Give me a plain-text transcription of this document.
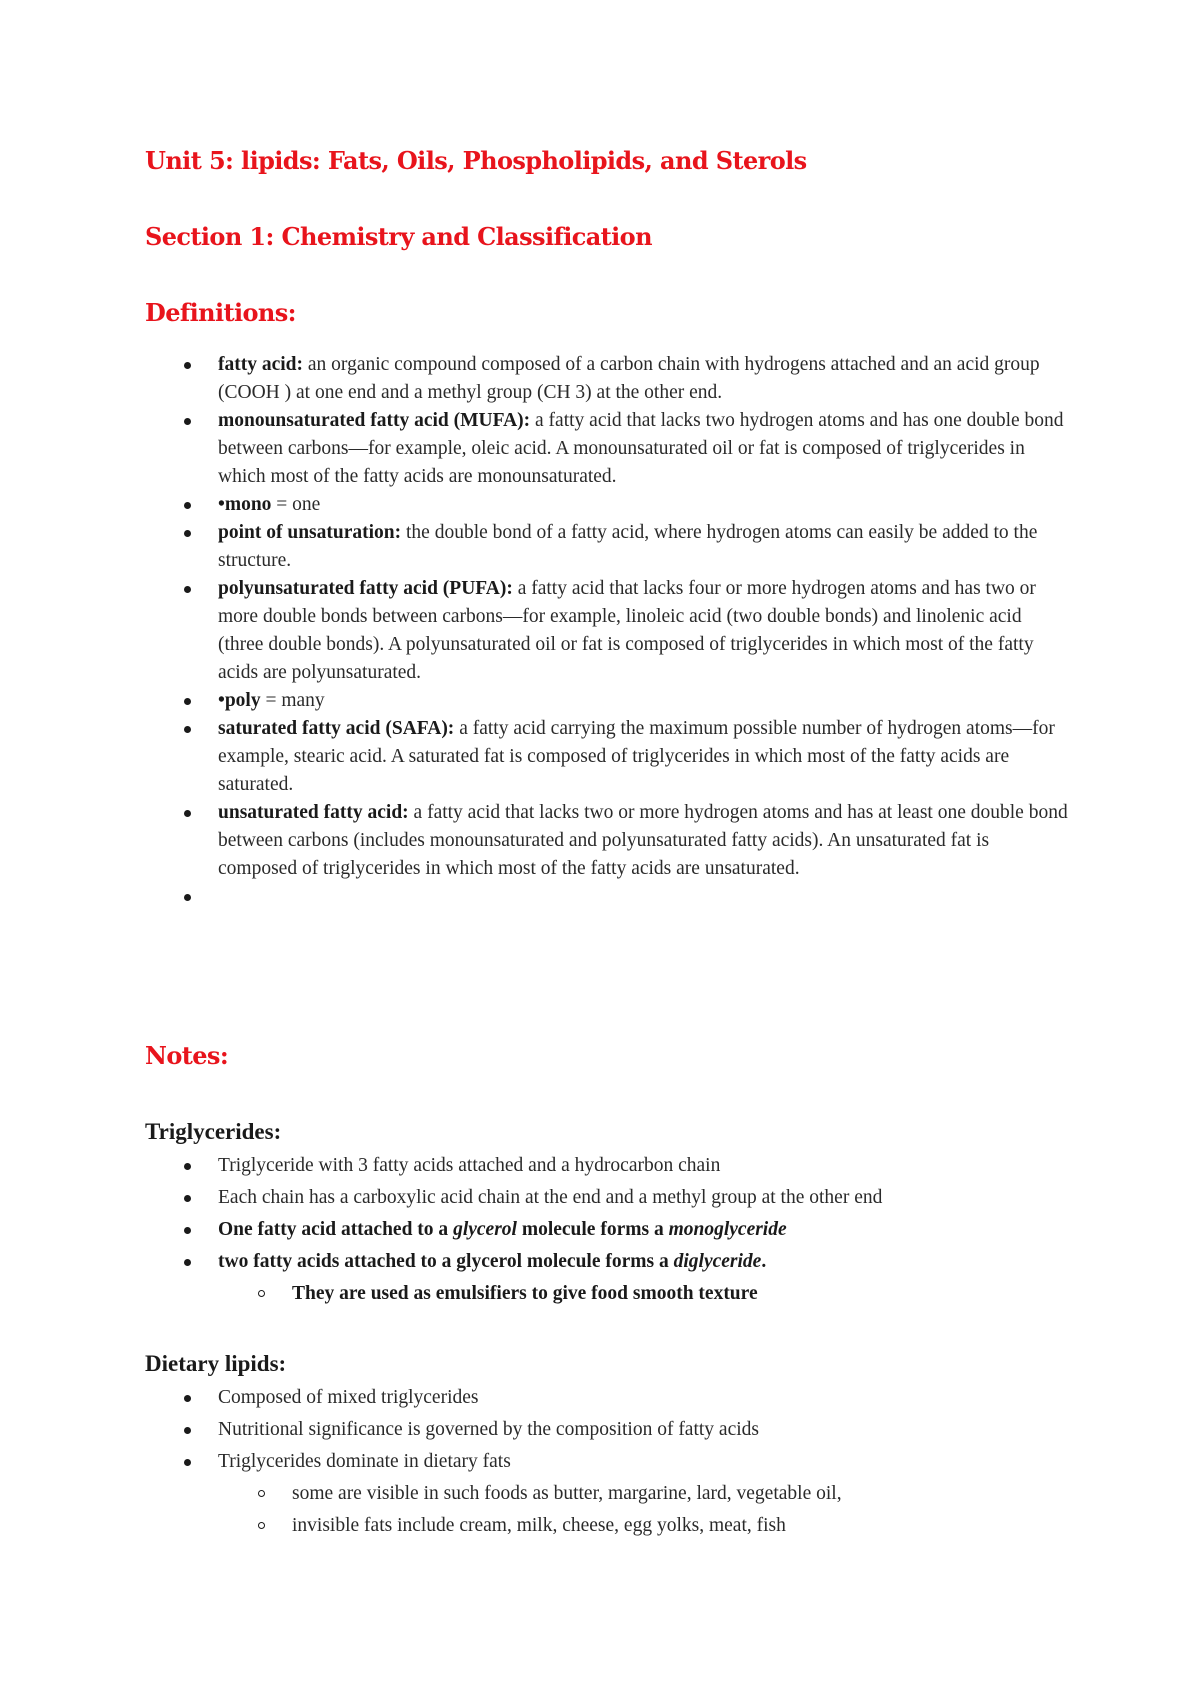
Unit 5: lipids: Fats, Oils, Phospholipids, and Sterols
Section 1: Chemistry and Classification
Definitions:
fatty acid: an organic compound composed of a carbon chain with hydrogens attached and an acid group (COOH ) at one end and a methyl group (CH 3) at the other end.
monounsaturated fatty acid (MUFA): a fatty acid that lacks two hydrogen atoms and has one double bond between carbons—for example, oleic acid. A monounsaturated oil or fat is composed of triglycerides in which most of the fatty acids are monounsaturated.
•mono = one
point of unsaturation: the double bond of a fatty acid, where hydrogen atoms can easily be added to the structure.
polyunsaturated fatty acid (PUFA): a fatty acid that lacks four or more hydrogen atoms and has two or more double bonds between carbons—for example, linoleic acid (two double bonds) and linolenic acid (three double bonds). A polyunsaturated oil or fat is composed of triglycerides in which most of the fatty acids are polyunsaturated.
•poly = many
saturated fatty acid (SAFA): a fatty acid carrying the maximum possible number of hydrogen atoms—for example, stearic acid. A saturated fat is composed of triglycerides in which most of the fatty acids are saturated.
unsaturated fatty acid: a fatty acid that lacks two or more hydrogen atoms and has at least one double bond between carbons (includes monounsaturated and polyunsaturated fatty acids). An unsaturated fat is composed of triglycerides in which most of the fatty acids are unsaturated.

Notes:
Triglycerides:
Triglyceride with 3 fatty acids attached and a hydrocarbon chain
Each chain has a carboxylic acid chain at the end and a methyl group at the other end
One fatty acid attached to a glycerol molecule forms a monoglyceride
two fatty acids attached to a glycerol molecule forms a diglyceride.
They are used as emulsifiers to give food smooth texture
Dietary lipids:
Composed of mixed triglycerides
Nutritional significance is governed by the composition of fatty acids
Triglycerides dominate in dietary fats
some are visible in such foods as butter, margarine, lard, vegetable oil,
invisible fats include cream, milk, cheese, egg yolks, meat, fish
